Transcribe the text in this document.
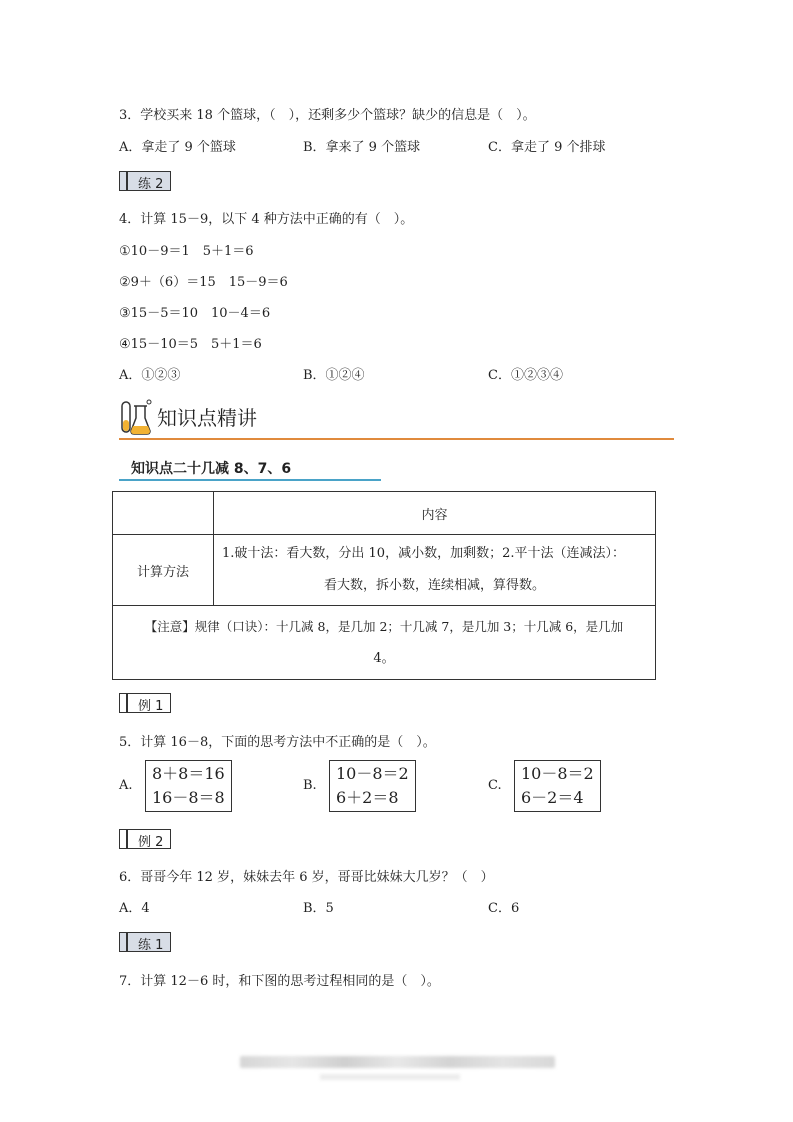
3．学校买来 18 个篮球，（　），还剩多少个篮球？缺少的信息是（　）。
A．拿走了 9 个篮球	B．拿来了 9 个篮球	C．拿走了 9 个排球
练 2
4．计算 15－9，以下 4 种方法中正确的有（　）。
①10－9＝1　5＋1＝6
②9＋（6）＝15　15－9＝6
③15－5＝10　10－4＝6
④15－10＝5　5＋1＝6
A．①②③	B．①②④	C．①②③④
知识点精讲
知识点二十几减 8、7、6
	内容
计算方法	1.破十法：看大数，分出 10，减小数，加剩数；2.平十法（连减法）：
看大数，拆小数，连续相减，算得数。

【注意】规律（口诀）：十几减 8，是几加 2；十几减 7，是几加 3；十几减 6，是几加
4。	
例 1
5．计算 16－8，下面的思考方法中不正确的是（　）。
A.
8＋8＝16
16－8＝8
B.
10－8＝2
6＋2＝8
C.
10－8＝2
6－2＝4
例 2
6．哥哥今年 12 岁，妹妹去年 6 岁，哥哥比妹妹大几岁？（　）
A．4	B．5	C．6
练 1
7．计算 12－6 时，和下图的思考过程相同的是（　）。
